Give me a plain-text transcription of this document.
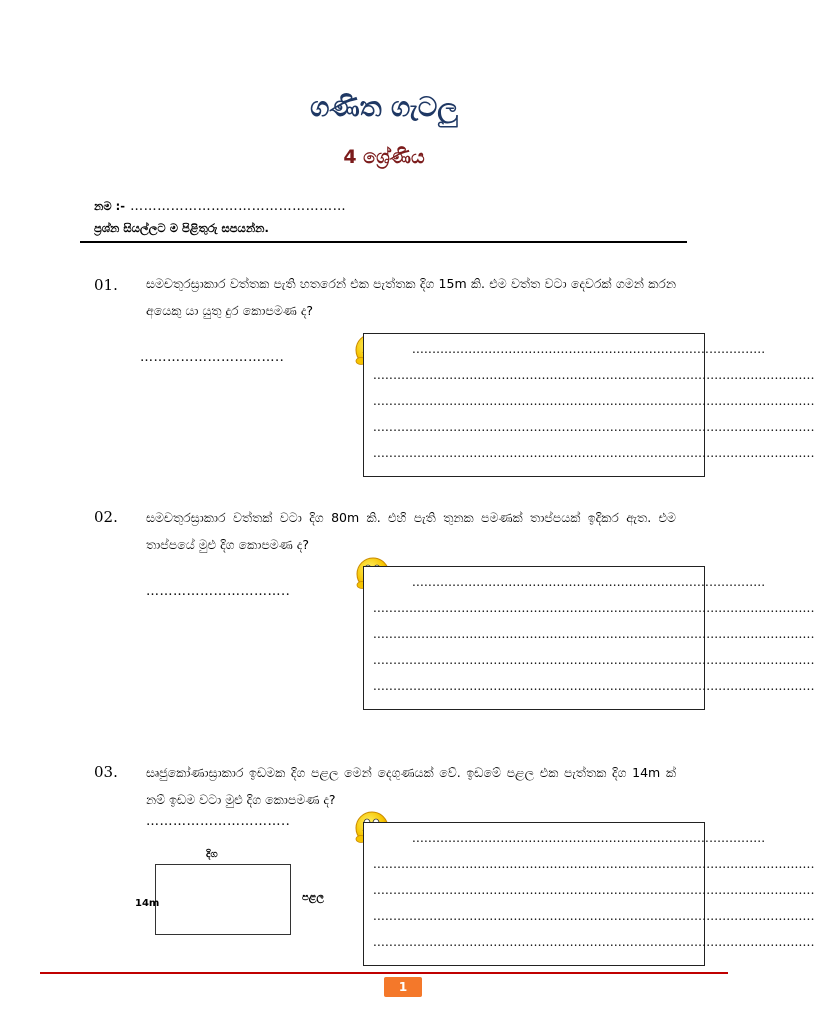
ගණිත ගැටලු
4 ශ්‍රේණිය
නම :- …………………………………………
ප්‍රශ්න සියල්ලට ම පිළිතුරු සපයන්න.
01. සමචතුරස්‍රාකාර වත්තක පැති හතරෙන් එක පැත්තක දිග 15m කි. එම වත්ත වටා දෙවරක් ගමන් කරන අයෙකු යා යුතු දුර කොපමණ ද?
…………………………..
........................................................................................
..............................................................................................................
..............................................................................................................
..............................................................................................................
..............................................................................................................
02. සමචතුරස්‍රාකාර වත්තක් වටා දිග 80m කි. එහි පැති තුනක පමණක් තාප්පයක් ඉදිකර ඇත. එම තාප්පයේ මුළු දිග කොපමණ ද?
…………………………..
........................................................................................
..............................................................................................................
..............................................................................................................
..............................................................................................................
..............................................................................................................
03. සෘජුකෝණාස්‍රාකාර ඉඩමක දිග පළල මෙන් දෙගුණයක් වේ. ඉඩමේ පළල එක පැත්තක දිග 14m ක් නම් ඉඩම වටා මුළු දිග කොපමණ ද?
…………………………..
........................................................................................
..............................................................................................................
..............................................................................................................
..............................................................................................................
..............................................................................................................
දිග
14m
පළල
1
